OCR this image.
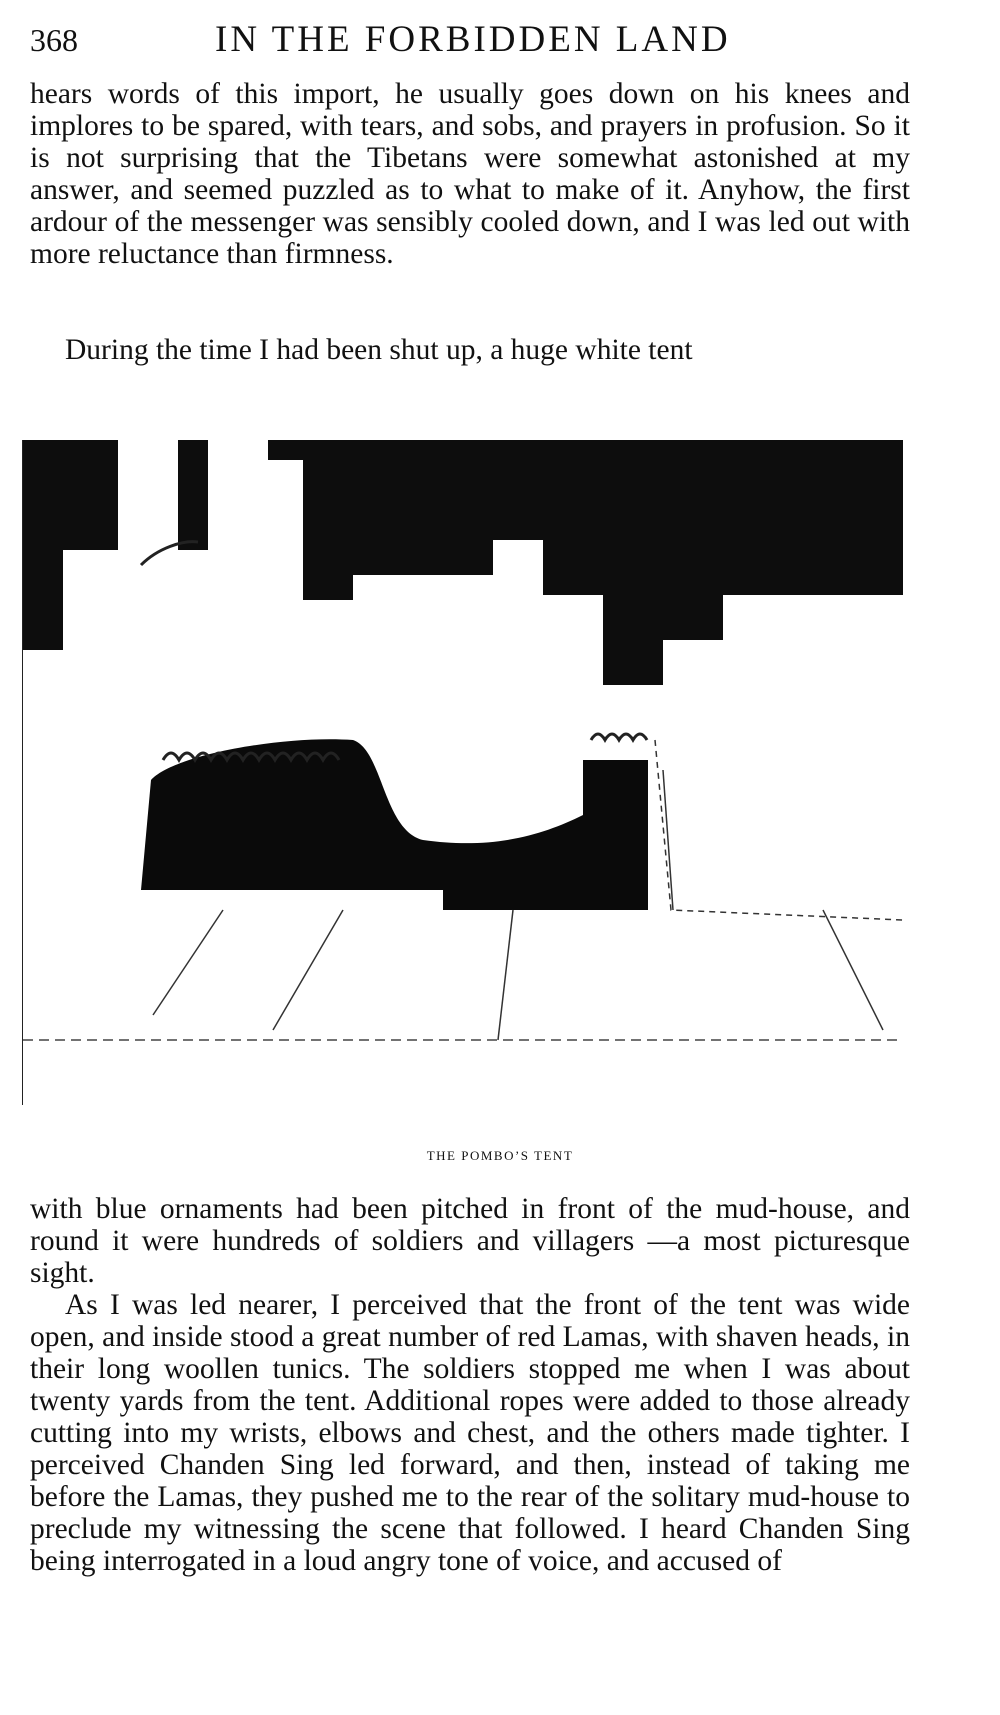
368	IN THE FORBIDDEN LAND

hears words of this import, he usually goes down on his knees and implores to be spared, with tears, and sobs, and prayers in profusion. So it is not surprising that the Tibetans were somewhat astonished at my answer, and seemed puzzled as to what to make of it. Anyhow, the first ardour of the messenger was sensibly cooled down, and I was led out with more reluctance than firmness.

During the time I had been shut up, a huge white tent

THE POMBO’S TENT

with blue ornaments had been pitched in front of the mud-house, and round it were hundreds of soldiers and villagers —a most picturesque sight.

As I was led nearer, I perceived that the front of the tent was wide open, and inside stood a great number of red Lamas, with shaven heads, in their long woollen tunics. The soldiers stopped me when I was about twenty yards from the tent. Additional ropes were added to those already cutting into my wrists, elbows and chest, and the others made tighter. I perceived Chanden Sing led forward, and then, instead of taking me before the Lamas, they pushed me to the rear of the solitary mud-house to preclude my witnessing the scene that followed. I heard Chanden Sing being interrogated in a loud angry tone of voice, and accused of
